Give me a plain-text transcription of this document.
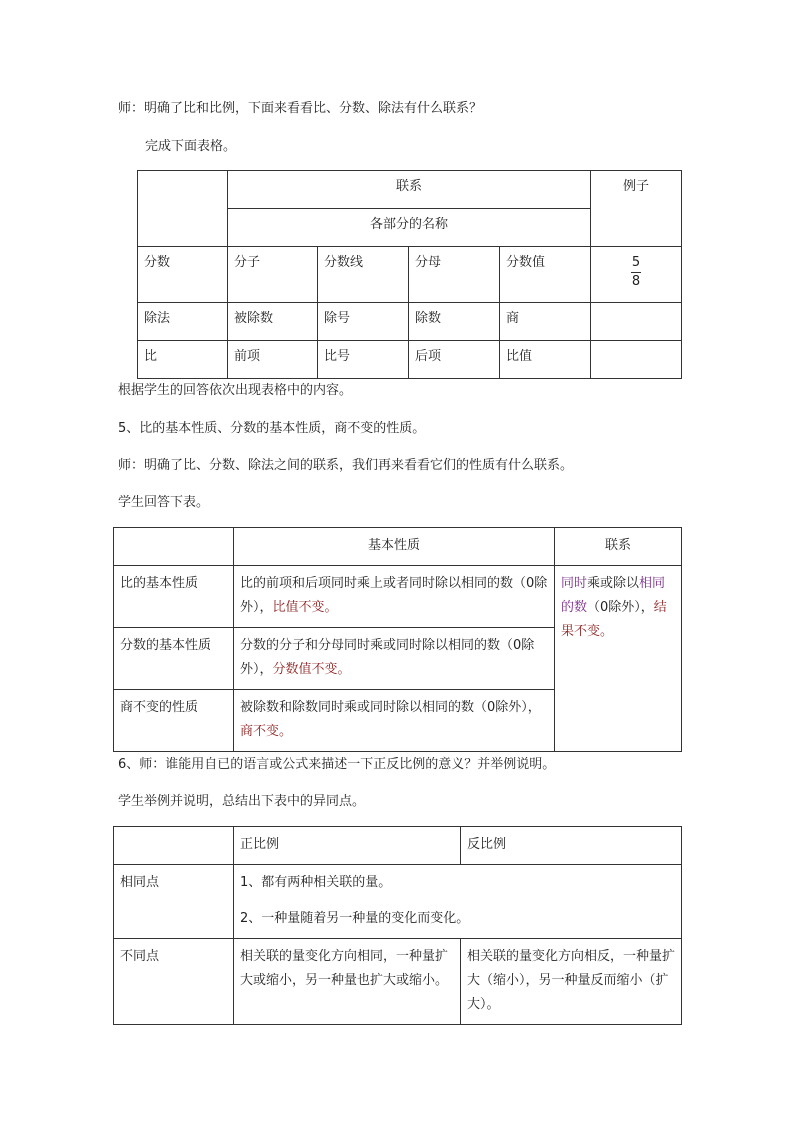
师：明确了比和比例，下面来看看比、分数、除法有什么联系？

完成下面表格。

	联系				例子
	各部分的名称				
分数	分子	分数线	分母	分数值	$\frac{5}{8}$

除法	被除数	除号	除数	商	
比	前项	比号	后项	比值	

根据学生的回答依次出现表格中的内容。

5、比的基本性质、分数的基本性质，商不变的性质。

师：明确了比、分数、除法之间的联系，我们再来看看它们的性质有什么联系。

学生回答下表。

	基本性质	联系
比的基本性质	比的前项和后项同时乘上或者同时除以相同的数（0除外），比值不变。	同时乘或除以相同的数（0除外），结果不变。
分数的基本性质	分数的分子和分母同时乘或同时除以相同的数（0除外），分数值不变。	
商不变的性质	被除数和除数同时乘或同时除以相同的数（0除外），商不变。	

6、师：谁能用自已的语言或公式来描述一下正反比例的意义？并举例说明。

学生举例并说明，总结出下表中的异同点。

	正比例	反比例
相同点	1、都有两种相关联的量。
2、一种量随着另一种量的变化而变化。	

不同点	相关联的量变化方向相同，一种量扩大或缩小，另一种量也扩大或缩小。	相关联的量变化方向相反，一种量扩大（缩小），另一种量反而缩小（扩大）。
